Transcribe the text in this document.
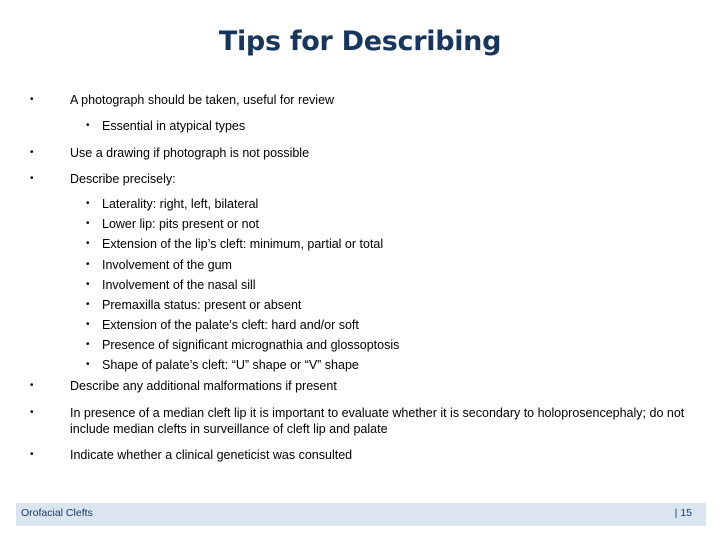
Tips for Describing
•	A photograph should be taken, useful for review
• Essential in atypical types
•	Use a drawing if photograph is not possible
•	Describe precisely:
• Laterality: right, left, bilateral
• Lower lip: pits present or not
• Extension of the lip’s cleft: minimum, partial or total
• Involvement of the gum
• Involvement of the nasal sill
• Premaxilla status: present or absent
• Extension of the palate’s cleft: hard and/or soft
• Presence of significant micrognathia and glossoptosis
• Shape of palate’s cleft: “U” shape or “V” shape
•	Describe any additional malformations if present
•	In presence of a median cleft lip it is important to evaluate whether it is secondary to holoprosencephaly; do not include median clefts in surveillance of cleft lip and palate
•	Indicate whether a clinical geneticist was consulted
Orofacial Clefts	| 15
